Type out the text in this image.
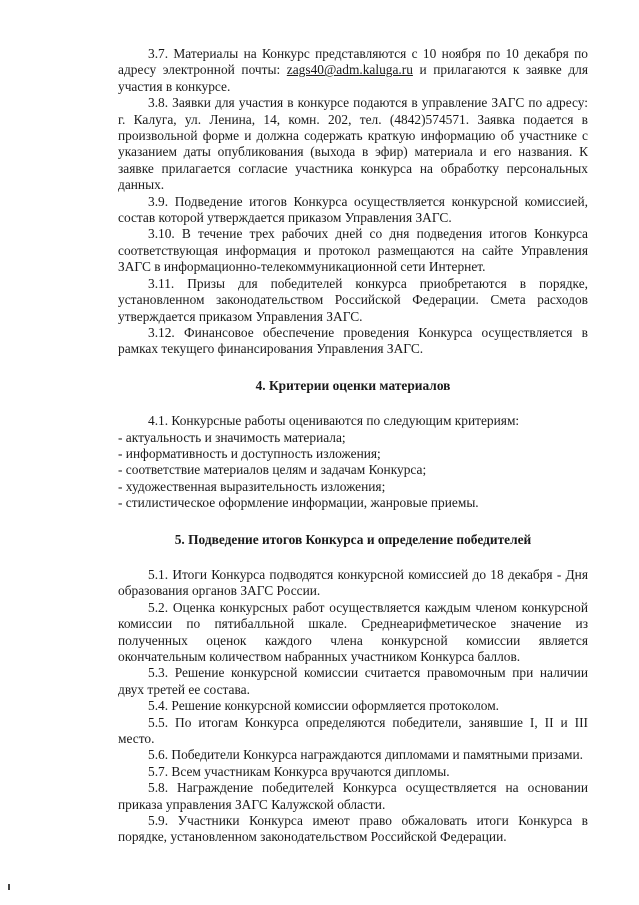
3.7. Материалы на Конкурс представляются с 10 ноября по 10 декабря по адресу электронной почты: zags40@adm.kaluga.ru и прилагаются к заявке для участия в конкурсе.

3.8. Заявки для участия в конкурсе подаются в управление ЗАГС по адресу: г. Калуга, ул. Ленина, 14, комн. 202, тел. (4842)574571. Заявка подается в произвольной форме и должна содержать краткую информацию об участнике с указанием даты опубликования (выхода в эфир) материала и его названия. К заявке прилагается согласие участника конкурса на обработку персональных данных.

3.9. Подведение итогов Конкурса осуществляется конкурсной комиссией, состав которой утверждается приказом Управления ЗАГС.

3.10. В течение трех рабочих дней со дня подведения итогов Конкурса соответствующая информация и протокол размещаются на сайте Управления ЗАГС в информационно-телекоммуникационной сети Интернет.

3.11. Призы для победителей конкурса приобретаются в порядке, установленном законодательством Российской Федерации. Смета расходов утверждается приказом Управления ЗАГС.

3.12. Финансовое обеспечение проведения Конкурса осуществляется в рамках текущего финансирования Управления ЗАГС.

4. Критерии оценки материалов

4.1. Конкурсные работы оцениваются по следующим критериям:

- актуальность и значимость материала;
- информативность и доступность изложения;
- соответствие материалов целям и задачам Конкурса;
- художественная выразительность изложения;
- стилистическое оформление информации, жанровые приемы.

5. Подведение итогов Конкурса и определение победителей

5.1. Итоги Конкурса подводятся конкурсной комиссией до 18 декабря - Дня образования органов ЗАГС России.

5.2. Оценка конкурсных работ осуществляется каждым членом конкурсной комиссии по пятибалльной шкале. Среднеарифметическое значение из полученных оценок каждого члена конкурсной комиссии является окончательным количеством набранных участником Конкурса баллов.

5.3. Решение конкурсной комиссии считается правомочным при наличии двух третей ее состава.

5.4. Решение конкурсной комиссии оформляется протоколом.

5.5. По итогам Конкурса определяются победители, занявшие I, II и III место.

5.6. Победители Конкурса награждаются дипломами и памятными призами.

5.7. Всем участникам Конкурса вручаются дипломы.

5.8. Награждение победителей Конкурса осуществляется на основании приказа управления ЗАГС Калужской области.

5.9. Участники Конкурса имеют право обжаловать итоги Конкурса в порядке, установленном законодательством Российской Федерации.
